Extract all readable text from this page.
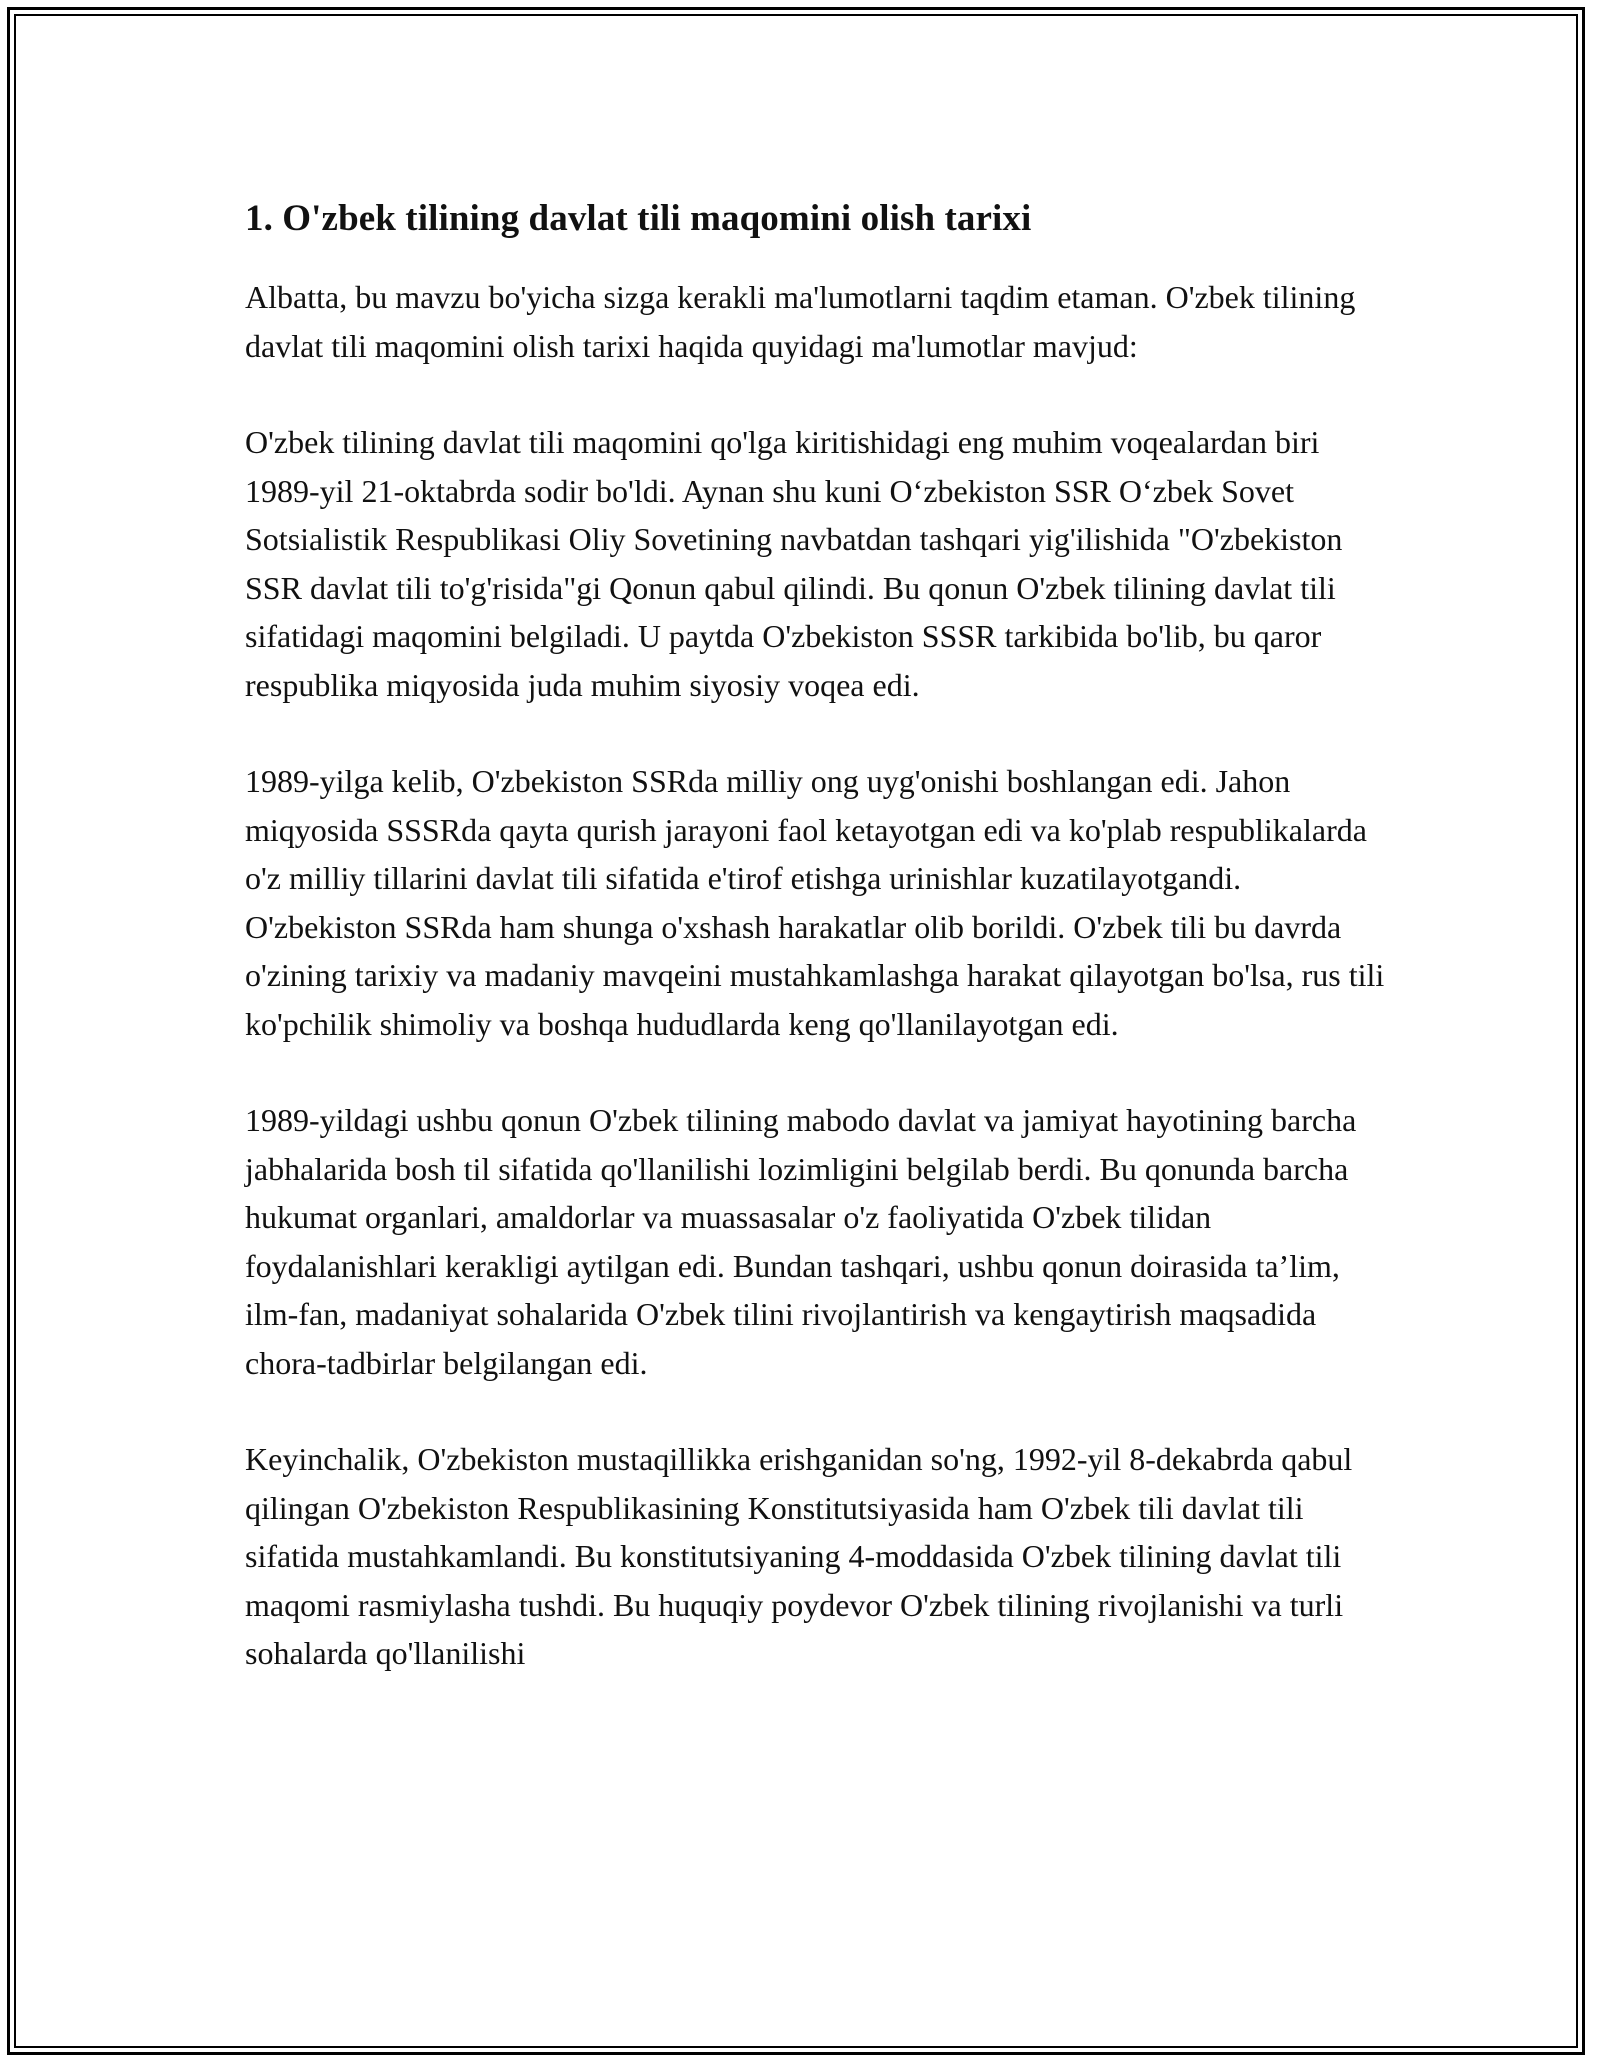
1. O'zbek tilining davlat tili maqomini olish tarixi

Albatta, bu mavzu bo'yicha sizga kerakli ma'lumotlarni taqdim etaman. O'zbek tilining davlat tili maqomini olish tarixi haqida quyidagi ma'lumotlar mavjud:

O'zbek tilining davlat tili maqomini qo'lga kiritishidagi eng muhim voqealardan biri 1989-yil 21-oktabrda sodir bo'ldi. Aynan shu kuni O‘zbekiston SSR O‘zbek Sovet Sotsialistik Respublikasi Oliy Sovetining navbatdan tashqari yig'ilishida "O'zbekiston SSR davlat tili to'g'risida"gi Qonun qabul qilindi. Bu qonun O'zbek tilining davlat tili sifatidagi maqomini belgiladi. U paytda O'zbekiston SSSR tarkibida bo'lib, bu qaror respublika miqyosida juda muhim siyosiy voqea edi.

1989-yilga kelib, O'zbekiston SSRda milliy ong uyg'onishi boshlangan edi. Jahon miqyosida SSSRda qayta qurish jarayoni faol ketayotgan edi va ko'plab respublikalarda o'z milliy tillarini davlat tili sifatida e'tirof etishga urinishlar kuzatilayotgandi. O'zbekiston SSRda ham shunga o'xshash harakatlar olib borildi. O'zbek tili bu davrda o'zining tarixiy va madaniy mavqeini mustahkamlashga harakat qilayotgan bo'lsa, rus tili ko'pchilik shimoliy va boshqa hududlarda keng qo'llanilayotgan edi.

1989-yildagi ushbu qonun O'zbek tilining mabodo davlat va jamiyat hayotining barcha jabhalarida bosh til sifatida qo'llanilishi lozimligini belgilab berdi. Bu qonunda barcha hukumat organlari, amaldorlar va muassasalar o'z faoliyatida O'zbek tilidan foydalanishlari kerakligi aytilgan edi. Bundan tashqari, ushbu qonun doirasida ta’lim, ilm-fan, madaniyat sohalarida O'zbek tilini rivojlantirish va kengaytirish maqsadida chora-tadbirlar belgilangan edi.

Keyinchalik, O'zbekiston mustaqillikka erishganidan so'ng, 1992-yil 8-dekabrda qabul qilingan O'zbekiston Respublikasining Konstitutsiyasida ham O'zbek tili davlat tili sifatida mustahkamlandi. Bu konstitutsiyaning 4-moddasida O'zbek tilining davlat tili maqomi rasmiylasha tushdi. Bu huquqiy poydevor O'zbek tilining rivojlanishi va turli sohalarda qo'llanilishi
